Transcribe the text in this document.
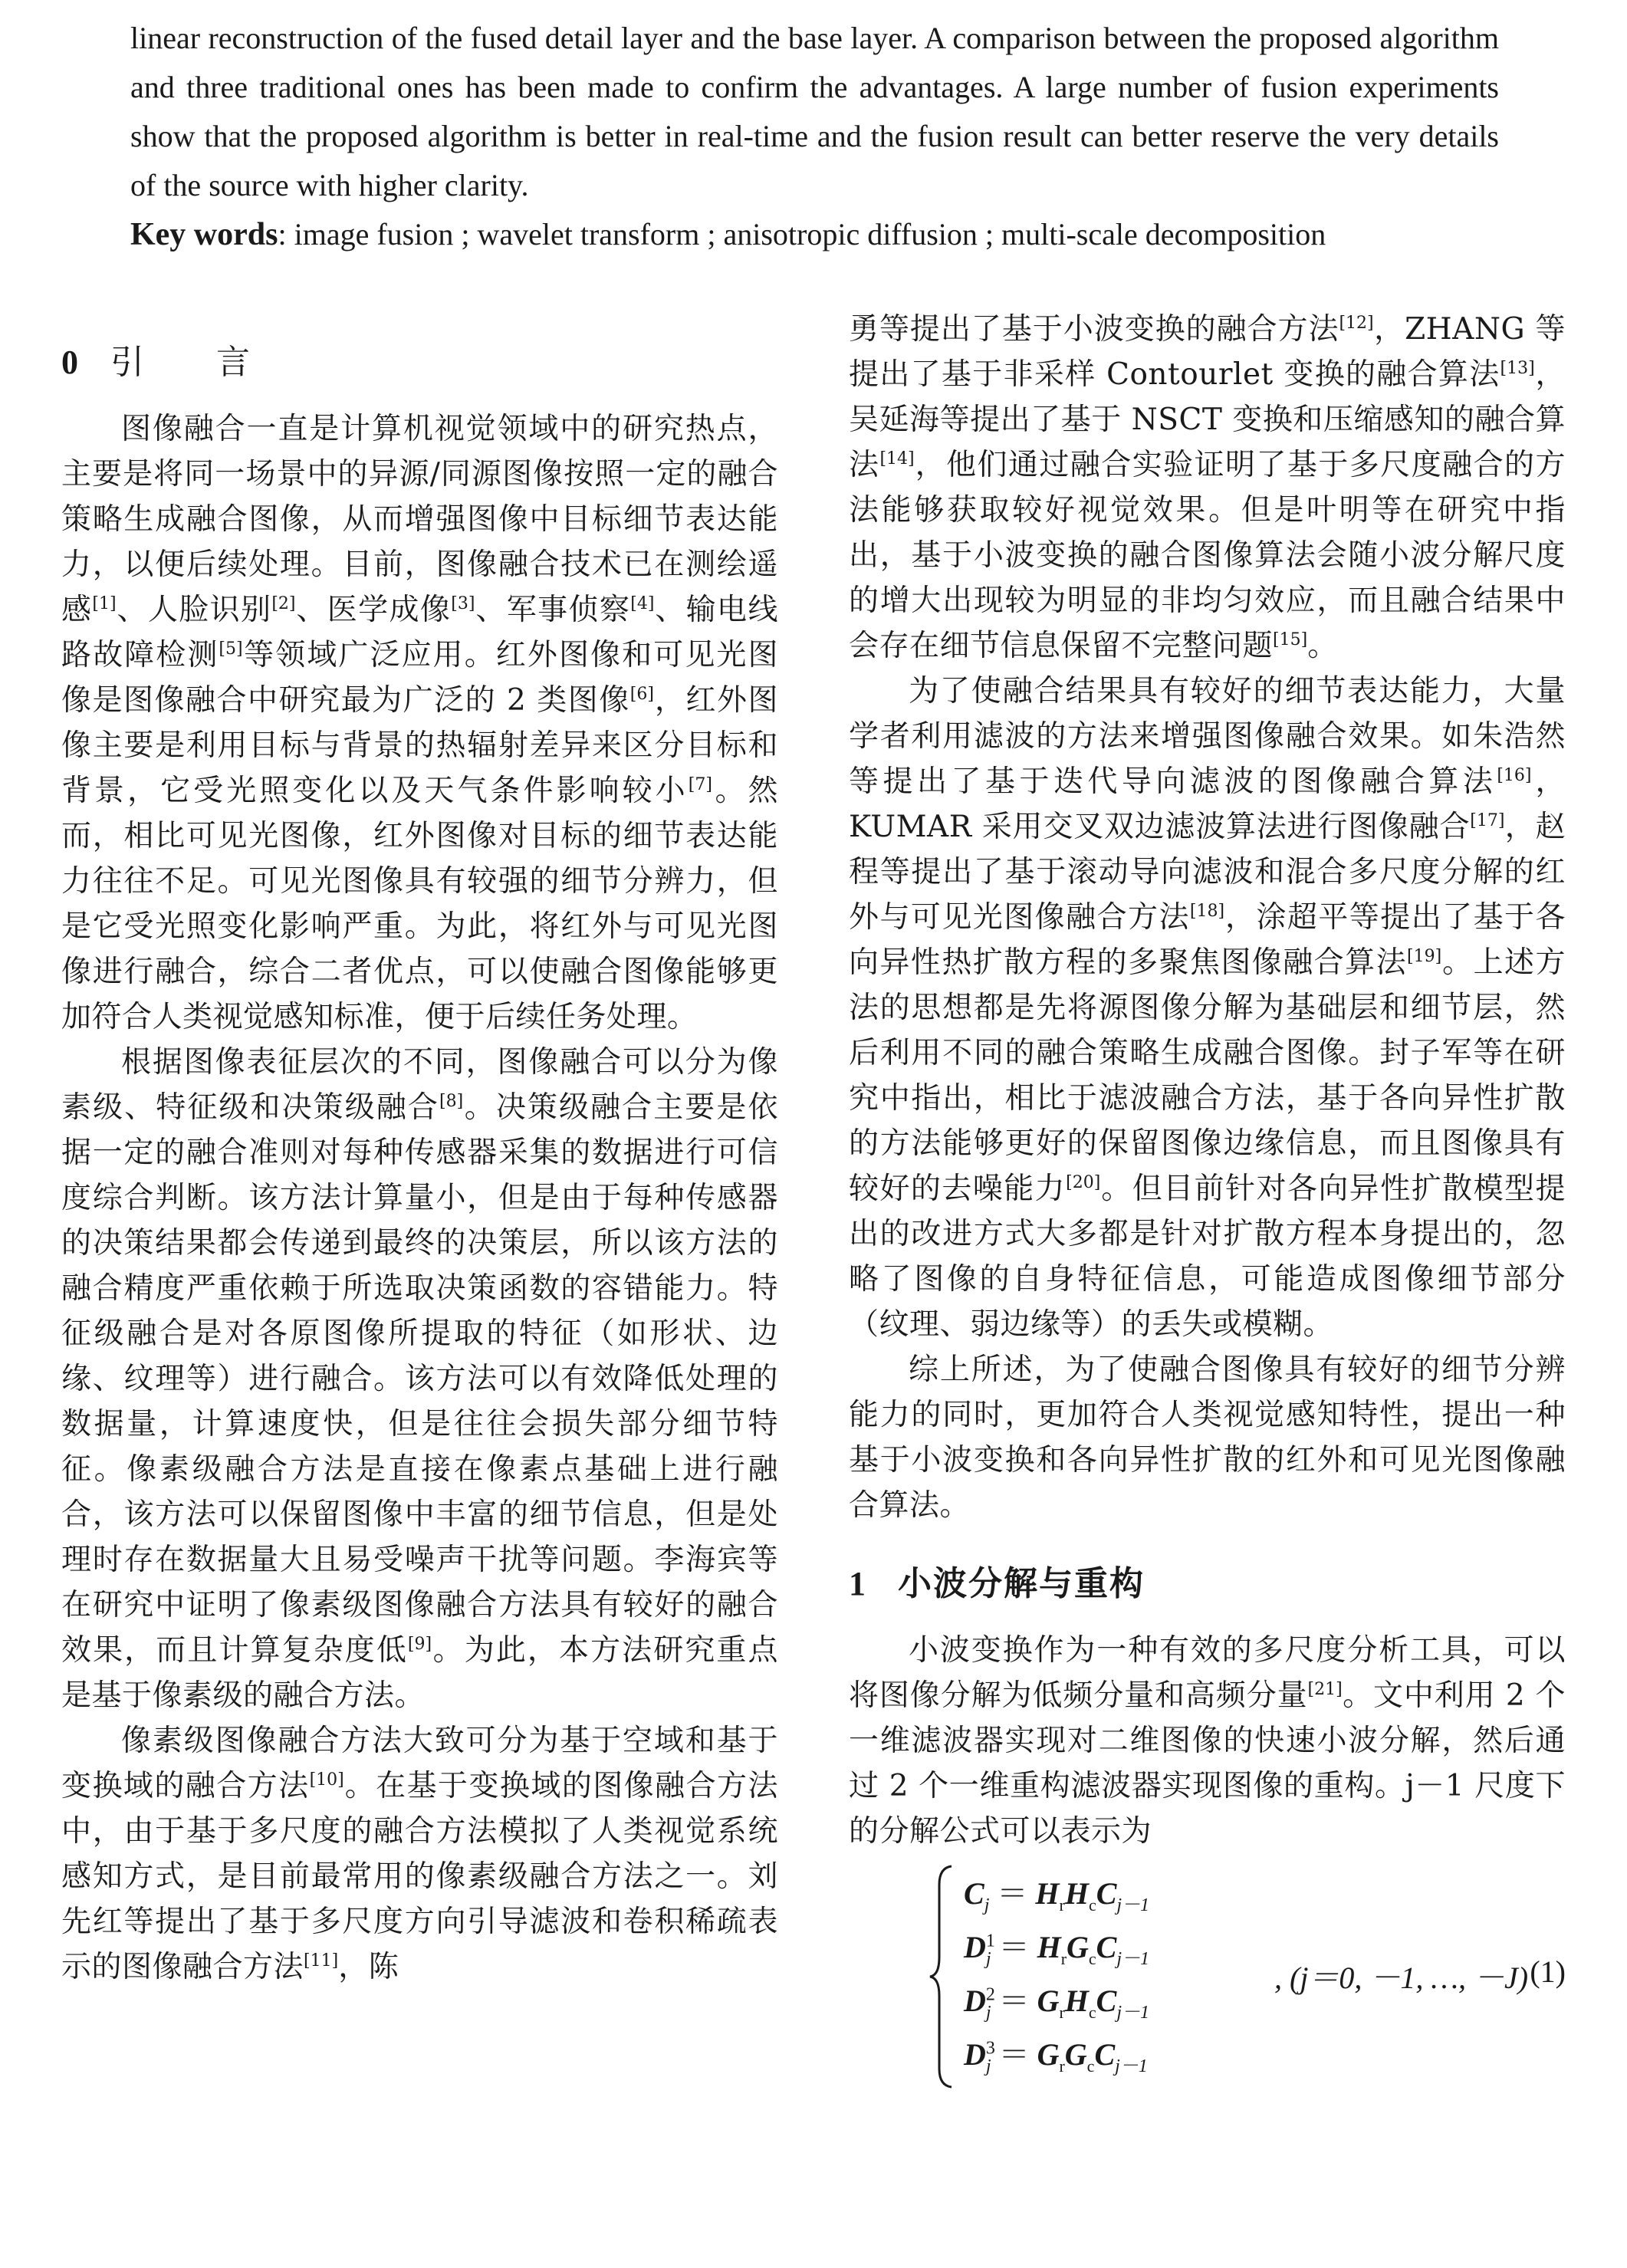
linear reconstruction of the fused detail layer and the base layer. A comparison between the proposed algorithm and three traditional ones has been made to confirm the advantages. A large number of fusion experiments show that the proposed algorithm is better in real-time and the fusion result can better reserve the very details of the source with higher clarity.

Key words: image fusion ; wavelet transform ; anisotropic diffusion ; multi-scale decomposition

0 引 言

图像融合一直是计算机视觉领域中的研究热点，主要是将同一场景中的异源/同源图像按照一定的融合策略生成融合图像，从而增强图像中目标细节表达能力，以便后续处理。目前，图像融合技术已在测绘遥感[1]、人脸识别[2]、医学成像[3]、军事侦察[4]、输电线路故障检测[5]等领域广泛应用。红外图像和可见光图像是图像融合中研究最为广泛的 2 类图像[6]，红外图像主要是利用目标与背景的热辐射差异来区分目标和背景，它受光照变化以及天气条件影响较小[7]。然而，相比可见光图像，红外图像对目标的细节表达能力往往不足。可见光图像具有较强的细节分辨力，但是它受光照变化影响严重。为此，将红外与可见光图像进行融合，综合二者优点，可以使融合图像能够更加符合人类视觉感知标准，便于后续任务处理。

根据图像表征层次的不同，图像融合可以分为像素级、特征级和决策级融合[8]。决策级融合主要是依据一定的融合准则对每种传感器采集的数据进行可信度综合判断。该方法计算量小，但是由于每种传感器的决策结果都会传递到最终的决策层，所以该方法的融合精度严重依赖于所选取决策函数的容错能力。特征级融合是对各原图像所提取的特征（如形状、边缘、纹理等）进行融合。该方法可以有效降低处理的数据量，计算速度快，但是往往会损失部分细节特征。像素级融合方法是直接在像素点基础上进行融合，该方法可以保留图像中丰富的细节信息，但是处理时存在数据量大且易受噪声干扰等问题。李海宾等在研究中证明了像素级图像融合方法具有较好的融合效果，而且计算复杂度低[9]。为此，本方法研究重点是基于像素级的融合方法。

像素级图像融合方法大致可分为基于空域和基于变换域的融合方法[10]。在基于变换域的图像融合方法中，由于基于多尺度的融合方法模拟了人类视觉系统感知方式，是目前最常用的像素级融合方法之一。刘先红等提出了基于多尺度方向引导滤波和卷积稀疏表示的图像融合方法[11]，陈

勇等提出了基于小波变换的融合方法[12]，ZHANG 等提出了基于非采样 Contourlet 变换的融合算法[13]，吴延海等提出了基于 NSCT 变换和压缩感知的融合算法[14]，他们通过融合实验证明了基于多尺度融合的方法能够获取较好视觉效果。但是叶明等在研究中指出，基于小波变换的融合图像算法会随小波分解尺度的增大出现较为明显的非均匀效应，而且融合结果中会存在细节信息保留不完整问题[15]。

为了使融合结果具有较好的细节表达能力，大量学者利用滤波的方法来增强图像融合效果。如朱浩然等提出了基于迭代导向滤波的图像融合算法[16]，KUMAR 采用交叉双边滤波算法进行图像融合[17]，赵程等提出了基于滚动导向滤波和混合多尺度分解的红外与可见光图像融合方法[18]，涂超平等提出了基于各向异性热扩散方程的多聚焦图像融合算法[19]。上述方法的思想都是先将源图像分解为基础层和细节层，然后利用不同的融合策略生成融合图像。封子军等在研究中指出，相比于滤波融合方法，基于各向异性扩散的方法能够更好的保留图像边缘信息，而且图像具有较好的去噪能力[20]。但目前针对各向异性扩散模型提出的改进方式大多都是针对扩散方程本身提出的，忽略了图像的自身特征信息，可能造成图像细节部分（纹理、弱边缘等）的丢失或模糊。

综上所述，为了使融合图像具有较好的细节分辨能力的同时，更加符合人类视觉感知特性，提出一种基于小波变换和各向异性扩散的红外和可见光图像融合算法。

1 小波分解与重构

小波变换作为一种有效的多尺度分析工具，可以将图像分解为低频分量和高频分量[21]。文中利用 2 个一维滤波器实现对二维图像的快速小波分解，然后通过 2 个一维重构滤波器实现图像的重构。j－1 尺度下的分解公式可以表示为

, (j＝0, －1, …, －J) (1)
$C_j = H_rH_cC_{j-1}$
$D^1_j = H_rG_cC_{j-1}$
$D^2_j = G_rH_cC_{j-1}$
$D^3_j = G_rG_cC_{j-1}$
